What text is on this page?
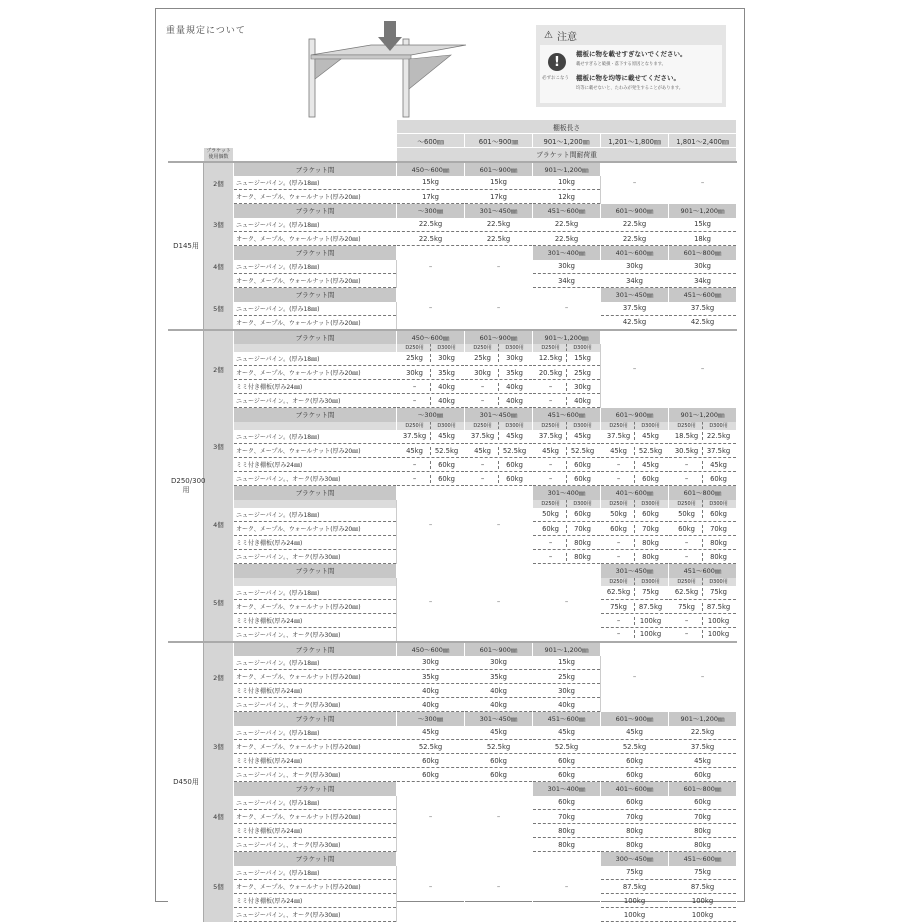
重量規定について	⚠ 注意
!
必ずおこなう
棚板に物を載せすぎないでください。
載せすぎると破損・落下する原因となります。
棚板に物を均等に載せてください。
均等に載せないと、たわみが発生することがあります。
			棚板長さ				
			〜600㎜	601〜900㎜	901〜1,200㎜	1,201〜1,800㎜	1,801〜2,400㎜
	ブラケット使用個数		ブラケット間耐荷重				
D145用	2個	ブラケット間	450〜600㎜	601〜900㎜	901〜1,200㎜	–	–
		ニュージーパイン。(厚み18㎜)	15kg	15kg	10kg		
		オーク、メープル、ウォールナット(厚み20㎜)	17kg	17kg	12kg		
	3個	ブラケット間	〜300㎜	301〜450㎜	451〜600㎜	601〜900㎜	901〜1,200㎜
		ニュージーパイン。(厚み18㎜)	22.5kg	22.5kg	22.5kg	22.5kg	15kg
		オーク、メープル、ウォールナット(厚み20㎜)	22.5kg	22.5kg	22.5kg	22.5kg	18kg
	4個	ブラケット間	–	–	301〜400㎜	401〜600㎜	601〜800㎜
		ニュージーパイン。(厚み18㎜)			30kg	30kg	30kg
		オーク、メープル、ウォールナット(厚み20㎜)			34kg	34kg	34kg
	5個	ブラケット間	–	–	–	301〜450㎜	451〜600㎜
		ニュージーパイン。(厚み18㎜)				37.5kg	37.5kg
		オーク、メープル、ウォールナット(厚み20㎜)				42.5kg	42.5kg
D250/300用	2個	ブラケット間	450〜600㎜	601〜900㎜	901〜1,200㎜	–	–

			D250用 D300用	D250用 D300用	D250用 D300用		

		ニュージーパイン。(厚み18㎜)	25kg 30kg	25kg 30kg	12.5kg 15kg		

		オーク、メープル、ウォールナット(厚み20㎜)	30kg 35kg	30kg 35kg	20.5kg 25kg		

		ミミ付き棚板(厚み24㎜)	– 40kg	– 40kg	– 30kg		

		ニュージーパイン。、オーク(厚み30㎜)	– 40kg	– 40kg	– 40kg		

	3個	ブラケット間	〜300㎜	301〜450㎜	451〜600㎜	601〜900㎜	901〜1,200㎜

			D250用 D300用	D250用 D300用	D250用 D300用	D250用 D300用	D250用 D300用

		ニュージーパイン。(厚み18㎜)	37.5kg 45kg	37.5kg 45kg	37.5kg 45kg	37.5kg 45kg	18.5kg 22.5kg

		オーク、メープル、ウォールナット(厚み20㎜)	45kg 52.5kg	45kg 52.5kg	45kg 52.5kg	45kg 52.5kg	30.5kg 37.5kg

		ミミ付き棚板(厚み24㎜)	– 60kg	– 60kg	– 60kg	– 45kg	– 45kg

		ニュージーパイン。、オーク(厚み30㎜)	– 60kg	– 60kg	– 60kg	– 60kg	– 60kg

	4個	ブラケット間	–	–	301〜400㎜	401〜600㎜	601〜800㎜

					D250用 D300用	D250用 D300用	D250用 D300用

		ニュージーパイン。(厚み18㎜)			50kg 60kg	50kg 60kg	50kg 60kg

		オーク、メープル、ウォールナット(厚み20㎜)			60kg 70kg	60kg 70kg	60kg 70kg

		ミミ付き棚板(厚み24㎜)			– 80kg	– 80kg	– 80kg

		ニュージーパイン。、オーク(厚み30㎜)			– 80kg	– 80kg	– 80kg

	5個	ブラケット間	–	–	–	301〜450㎜	451〜600㎜

						D250用 D300用	D250用 D300用

		ニュージーパイン。(厚み18㎜)				62.5kg 75kg	62.5kg 75kg

		オーク、メープル、ウォールナット(厚み20㎜)				75kg 87.5kg	75kg 87.5kg

		ミミ付き棚板(厚み24㎜)				– 100kg	– 100kg

		ニュージーパイン。、オーク(厚み30㎜)				– 100kg	– 100kg

D450用	2個	ブラケット間	450〜600㎜	601〜900㎜	901〜1,200㎜	–	–
		ニュージーパイン。(厚み18㎜)	30kg	30kg	15kg		
		オーク、メープル、ウォールナット(厚み20㎜)	35kg	35kg	25kg		
		ミミ付き棚板(厚み24㎜)	40kg	40kg	30kg		
		ニュージーパイン。、オーク(厚み30㎜)	40kg	40kg	40kg		
	3個	ブラケット間	〜300㎜	301〜450㎜	451〜600㎜	601〜900㎜	901〜1,200㎜
		ニュージーパイン。(厚み18㎜)	45kg	45kg	45kg	45kg	22.5kg
		オーク、メープル、ウォールナット(厚み20㎜)	52.5kg	52.5kg	52.5kg	52.5kg	37.5kg
		ミミ付き棚板(厚み24㎜)	60kg	60kg	60kg	60kg	45kg
		ニュージーパイン。、オーク(厚み30㎜)	60kg	60kg	60kg	60kg	60kg
	4個	ブラケット間	–	–	301〜400㎜	401〜600㎜	601〜800㎜
		ニュージーパイン。(厚み18㎜)			60kg	60kg	60kg
		オーク、メープル、ウォールナット(厚み20㎜)			70kg	70kg	70kg
		ミミ付き棚板(厚み24㎜)			80kg	80kg	80kg
		ニュージーパイン。、オーク(厚み30㎜)			80kg	80kg	80kg
	5個	ブラケット間	–	–	–	300〜450㎜	451〜600㎜
		ニュージーパイン。(厚み18㎜)				75kg	75kg
		オーク、メープル、ウォールナット(厚み20㎜)				87.5kg	87.5kg
		ミミ付き棚板(厚み24㎜)				100kg	100kg
		ニュージーパイン。、オーク(厚み30㎜)				100kg	100kg
